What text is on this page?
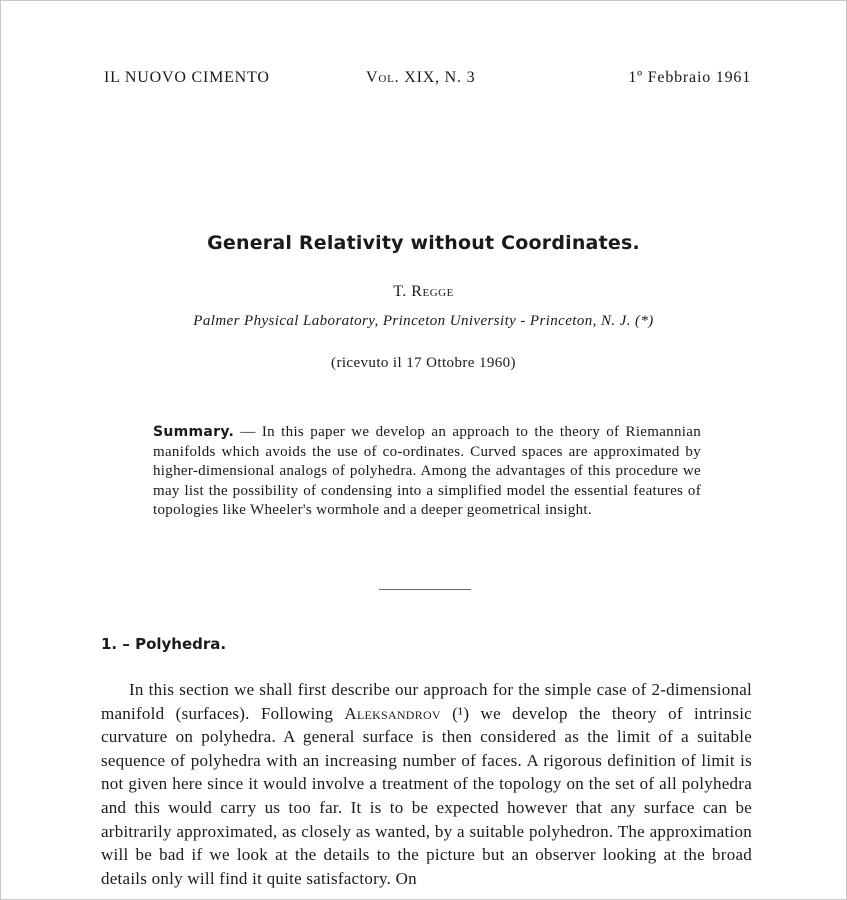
IL NUOVO CIMENTO	Vol. XIX, N. 3	1º Febbraio 1961
General Relativity without Coordinates.
T. Regge
Palmer Physical Laboratory, Princeton University - Princeton, N. J. (*)
(ricevuto il 17 Ottobre 1960)
Summary. — In this paper we develop an approach to the theory of Riemannian manifolds which avoids the use of co-ordinates. Curved spaces are approximated by higher-dimensional analogs of polyhedra. Among the advantages of this procedure we may list the possibility of condensing into a simplified model the essential features of topologies like Wheeler's wormhole and a deeper geometrical insight.
1. – Polyhedra.

In this section we shall first describe our approach for the simple case of 2-dimensional manifold (surfaces). Following Aleksandrov (¹) we develop the theory of intrinsic curvature on polyhedra. A general surface is then considered as the limit of a suitable sequence of polyhedra with an increasing number of faces. A rigorous definition of limit is not given here since it would involve a treatment of the topology on the set of all polyhedra and this would carry us too far. It is to be expected however that any surface can be arbitrarily approximated, as closely as wanted, by a suitable polyhedron. The approximation will be bad if we look at the details to the picture but an observer looking at the broad details only will find it quite satisfactory. On
